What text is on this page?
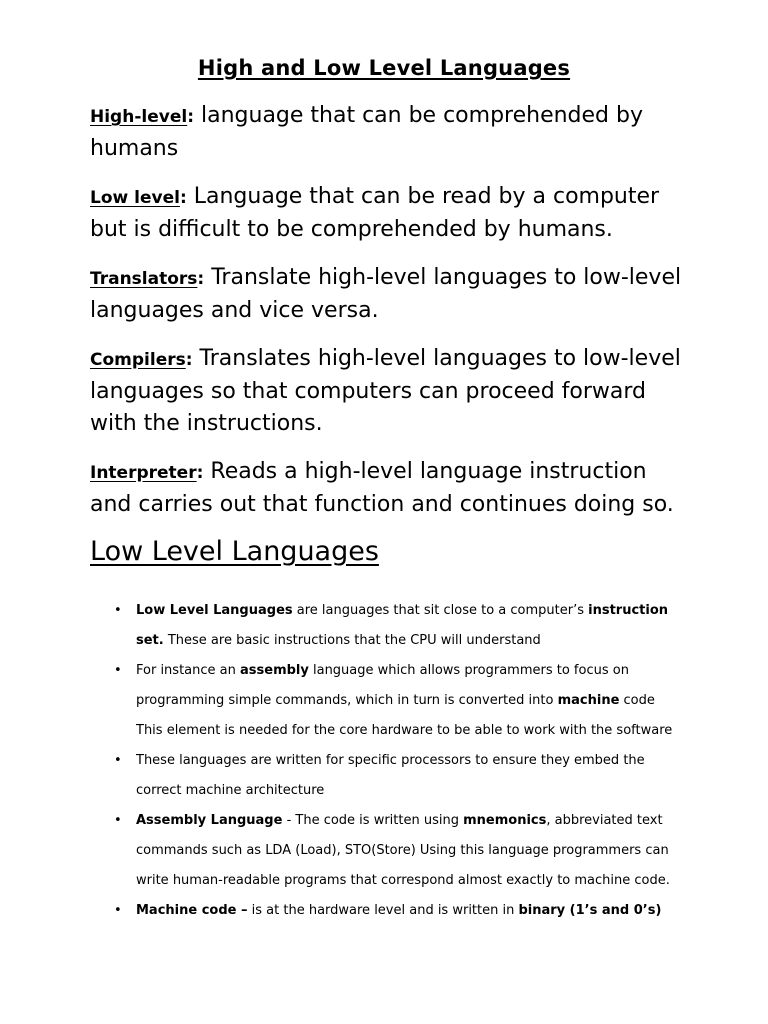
High and Low Level Languages

High-level: language that can be comprehended by humans

Low level: Language that can be read by a computer but is difficult to be comprehended by humans.

Translators: Translate high-level languages to low-level languages and vice versa.

Compilers: Translates high-level languages to low-level languages so that computers can proceed forward with the instructions.

Interpreter: Reads a high-level language instruction and carries out that function and continues doing so.

Low Level Languages
• Low Level Languages are languages that sit close to a computer’s instruction set. These are basic instructions that the CPU will understand
• For instance an assembly language which allows programmers to focus on programming simple commands, which in turn is converted into machine code This element is needed for the core hardware to be able to work with the software
• These languages are written for specific processors to ensure they embed the correct machine architecture
• Assembly Language - The code is written using mnemonics, abbreviated text commands such as LDA (Load), STO(Store) Using this language programmers can write human-readable programs that correspond almost exactly to machine code.
• Machine code – is at the hardware level and is written in binary (1’s and 0’s)
